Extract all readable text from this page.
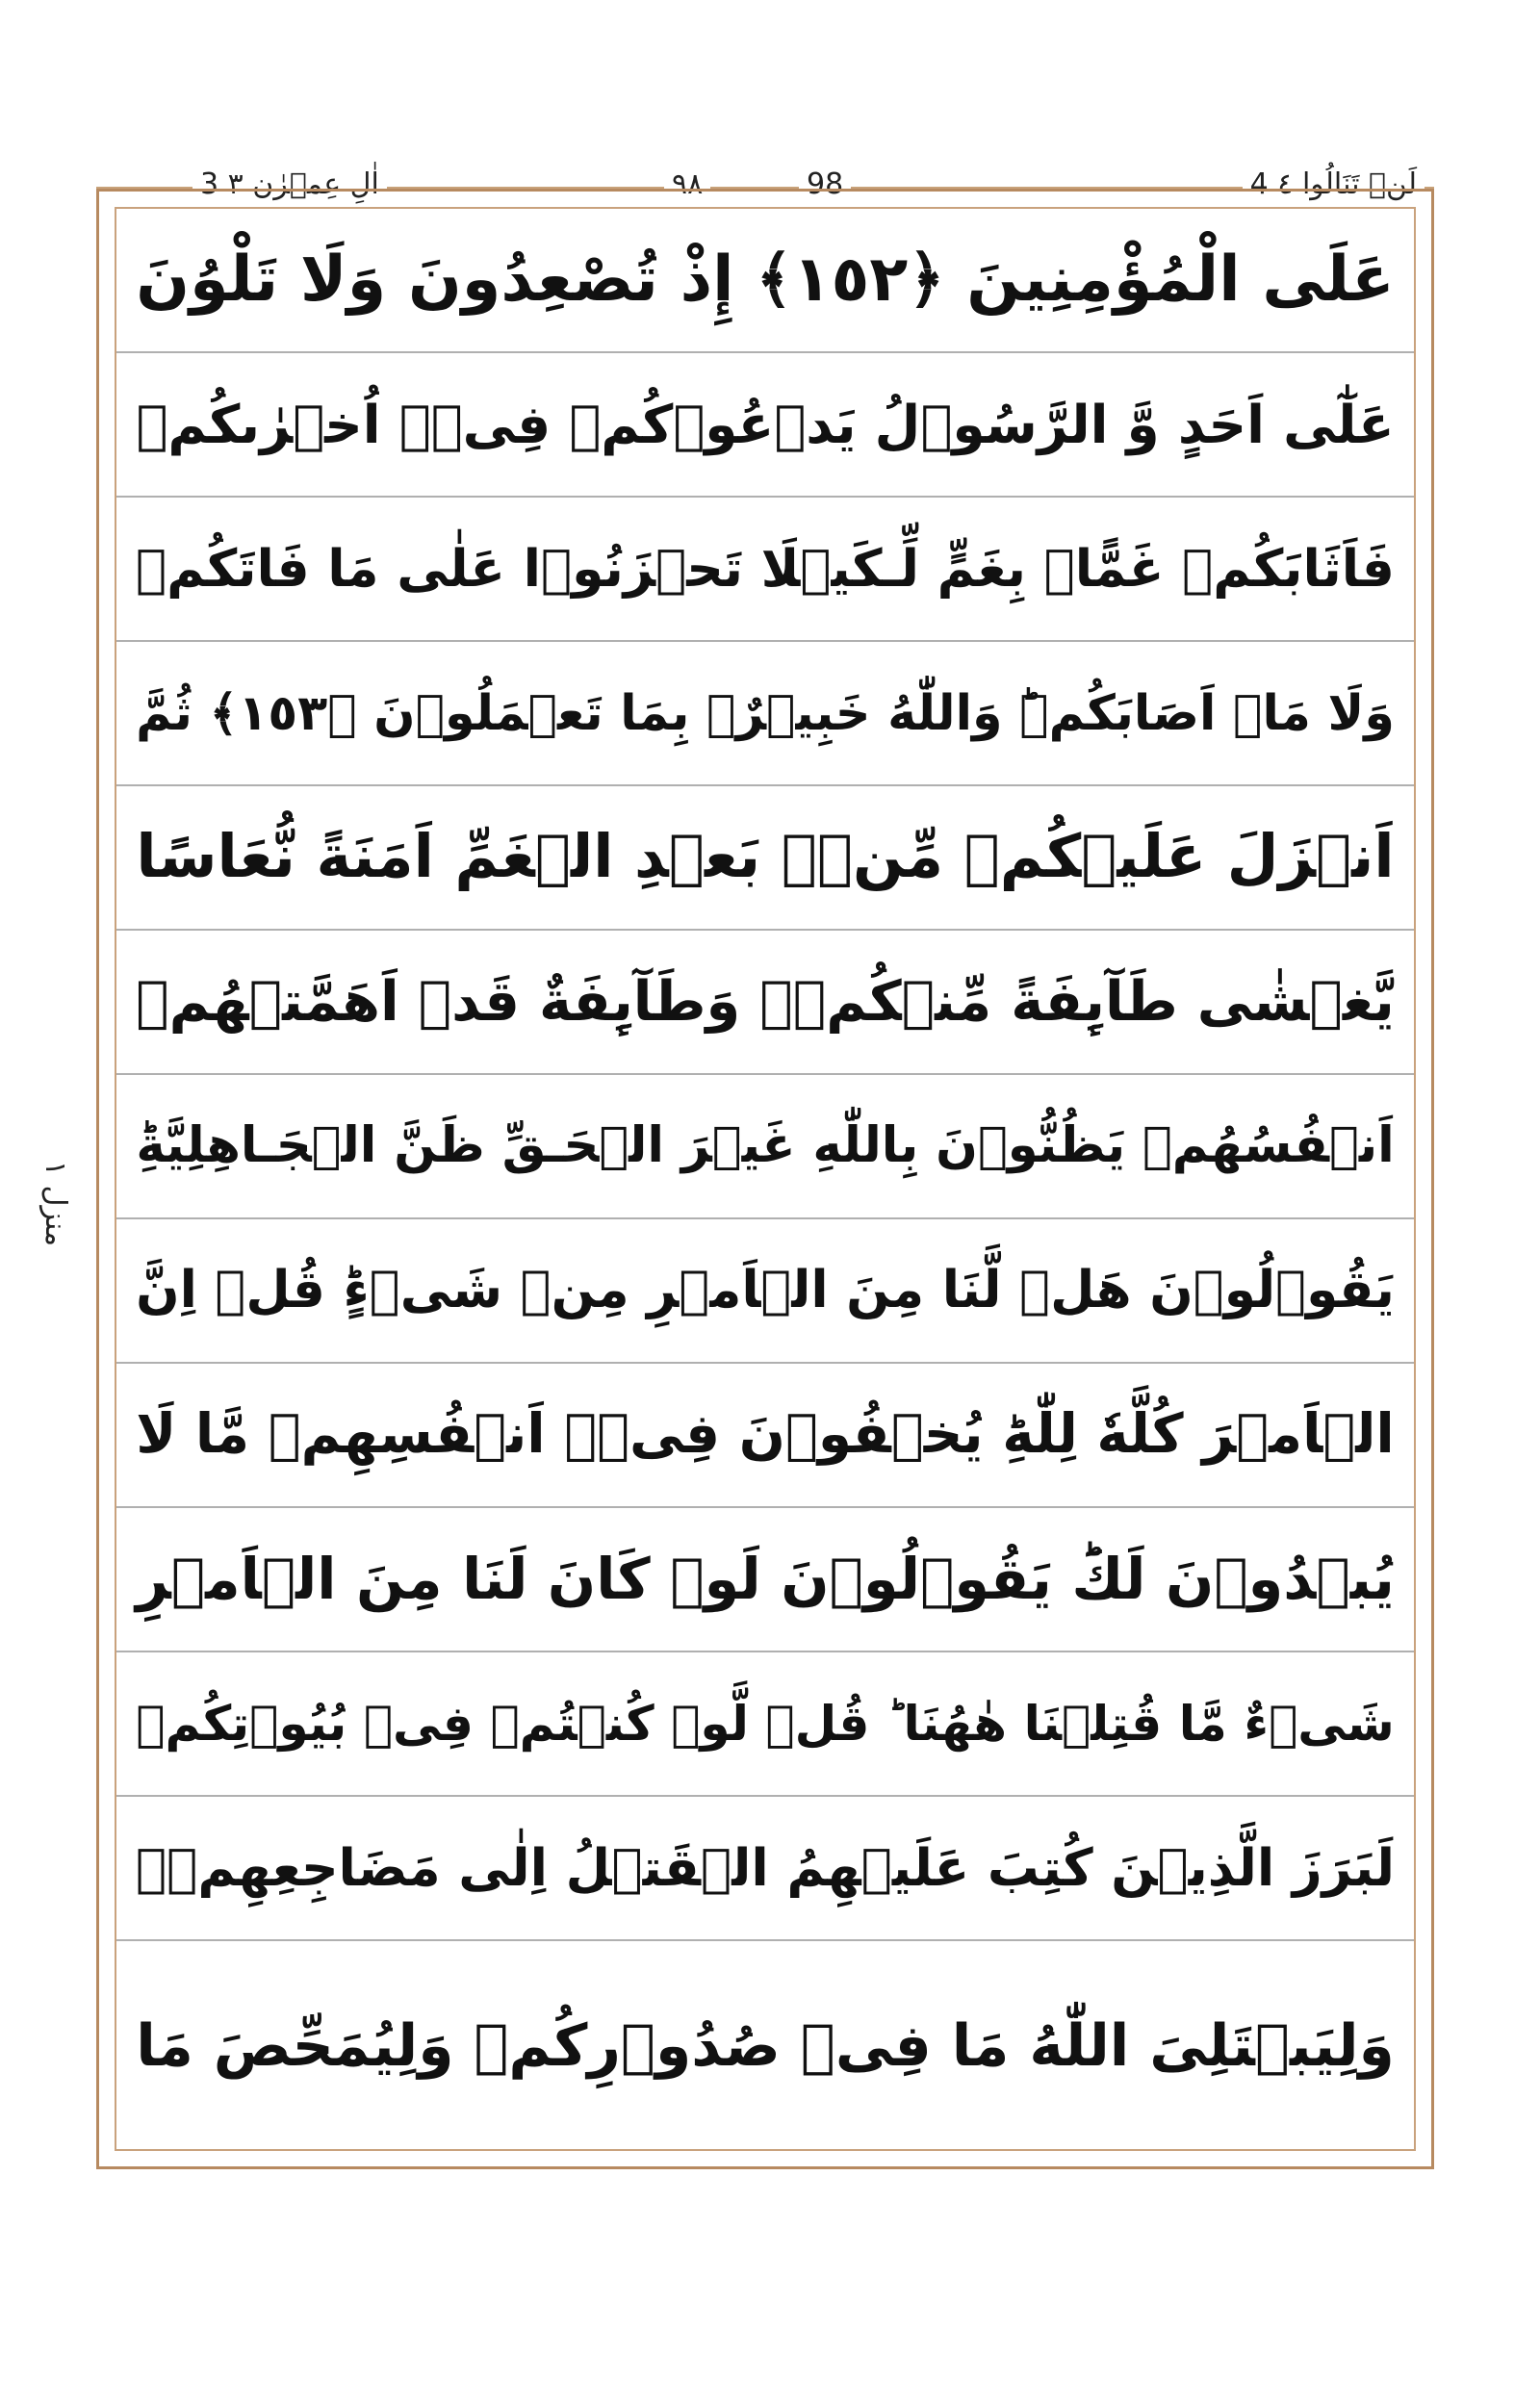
4 لَنۡ تَنَالُوا ٤
98
٩٨
3 اٰلِ عِمۡرٰن ٣
منزل ١
عَلَى الْمُؤْمِنِينَ ﴿١٥٢﴾ إِذْ تُصْعِدُونَ وَلَا تَلْوُنَ
عَلٰٓى اَحَدٍ وَّ الرَّسُوۡلُ يَدۡعُوۡكُمۡ فِىۡۤ اُخۡرٰىكُمۡ
فَاَثَابَكُمۡ غَمًّاۢ بِغَمٍّ لِّـكَيۡلَا تَحۡزَنُوۡا عَلٰى مَا فَاتَكُمۡ
وَلَا مَاۤ اَصَابَكُمۡ‌ؕ وَاللّٰهُ خَبِيۡرٌۢ بِمَا تَعۡمَلُوۡنَ ﴿١٥٣﴾ ثُمَّ
اَنۡزَلَ عَلَيۡكُمۡ مِّنۡۢ بَعۡدِ الۡغَمِّ اَمَنَةً نُّعَاسًا
يَّغۡشٰى طَآٮِٕفَةً مِّنۡكُمۡ‌ۙ وَطَآٮِٕفَةٌ قَدۡ اَهَمَّتۡهُمۡ
اَنۡفُسُهُمۡ يَظُنُّوۡنَ بِاللّٰهِ غَيۡرَ الۡحَـقِّ ظَنَّ الۡجَـاهِلِيَّةِ‌ؕ
يَقُوۡلُوۡنَ هَلۡ لَّنَا مِنَ الۡاَمۡرِ مِنۡ شَىۡءٍ‌ؕ قُلۡ اِنَّ
الۡاَمۡرَ كُلَّهٗ لِلّٰهِ‌ؕ يُخۡفُوۡنَ فِىۡۤ اَنۡفُسِهِمۡ مَّا لَا
يُبۡدُوۡنَ لَكَ‌ؕ يَقُوۡلُوۡنَ لَوۡ كَانَ لَنَا مِنَ الۡاَمۡرِ
شَىۡءٌ مَّا قُتِلۡنَا هٰهُنَا ؕ قُلۡ لَّوۡ كُنۡتُمۡ فِىۡ بُيُوۡتِكُمۡ
لَبَرَزَ الَّذِيۡنَ كُتِبَ عَلَيۡهِمُ الۡقَتۡلُ اِلٰى مَضَاجِعِهِمۡ‌ۚ
وَلِيَبۡتَلِىَ اللّٰهُ مَا فِىۡ صُدُوۡرِكُمۡ وَلِيُمَحِّصَ مَا
